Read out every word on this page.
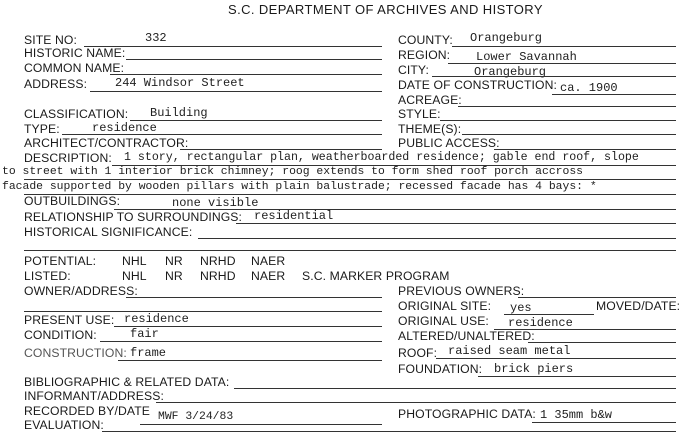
S.C. DEPARTMENT OF ARCHIVES AND HISTORY
SITE NO:	332
HISTORIC NAME:
COMMON NAME:
ADDRESS: 244 Windsor Street
COUNTY: Orangeburg
REGION: Lower Savannah
CITY:	Orangeburg
DATE OF CONSTRUCTION: ca. 1900
ACREAGE:
CLASSIFICATION: Building	STYLE:
TYPE:	residence	THEME(S):
ARCHITECT/CONTRACTOR:	PUBLIC ACCESS:
DESCRIPTION: 1 story, rectangular plan, weatherboarded residence; gable end roof, slope
to street with 1 interior brick chimney; roog extends to form shed roof porch accross
facade supported by wooden pillars with plain balustrade; recessed facade has 4 bays: *
OUTBUILDINGS:	none visible
RELATIONSHIP TO SURROUNDINGS: residential
HISTORICAL SIGNIFICANCE:
POTENTIAL: NHL NR NRHD NAER
LISTED:	NHL NR NRHD NAER S.C. MARKER PROGRAM
OWNER/ADDRESS:	PREVIOUS OWNERS:
ORIGINAL SITE: yes	MOVED/DATE:
PRESENT USE: residence	ORIGINAL USE: residence
CONDITION:	fair	ALTERED/UNALTERED:
CONSTRUCTION: frame	ROOF: raised seam metal
FOUNDATION: brick piers
BIBLIOGRAPHIC & RELATED DATA:
INFORMANT/ADDRESS:
RECORDED BY/DATE MWF 3/24/83	PHOTOGRAPHIC DATA: 1 35mm b&w
EVALUATION:
